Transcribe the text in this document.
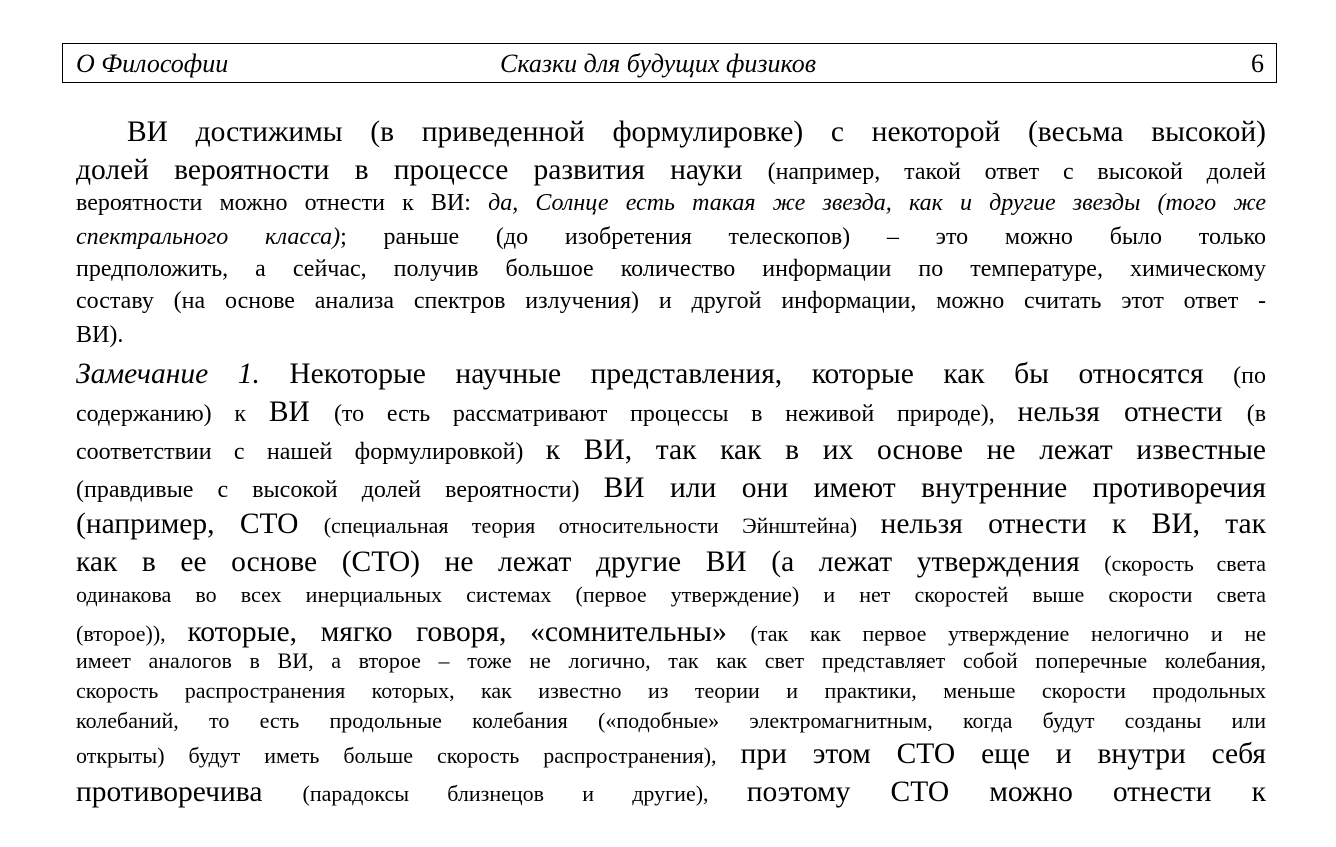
О Философии	Сказки для будущих физиков	6
ВИ достижимы (в приведенной формулировке) с некоторой (весьма высокой)
долей вероятности в процессе развития науки (например, такой ответ с высокой долей
вероятности можно отнести к ВИ: да, Солнце есть такая же звезда, как и другие звезды (того же
спектрального класса); раньше (до изобретения телескопов) – это можно было только
предположить, а сейчас, получив большое количество информации по температуре, химическому
составу (на основе анализа спектров излучения) и другой информации, можно считать этот ответ -
ВИ).
Замечание 1. Некоторые научные представления, которые как бы относятся (по
содержанию) к ВИ (то есть рассматривают процессы в неживой природе), нельзя отнести (в
соответствии с нашей формулировкой) к ВИ, так как в их основе не лежат известные
(правдивые с высокой долей вероятности) ВИ или они имеют внутренние противоречия
(например, СТО (специальная теория относительности Эйнштейна) нельзя отнести к ВИ, так
как в ее основе (СТО) не лежат другие ВИ (а лежат утверждения (скорость света
одинакова во всех инерциальных системах (первое утверждение) и нет скоростей выше скорости света
(второе)), которые, мягко говоря, «сомнительны» (так как первое утверждение нелогично и не
имеет аналогов в ВИ, а второе – тоже не логично, так как свет представляет собой поперечные колебания,
скорость распространения которых, как известно из теории и практики, меньше скорости продольных
колебаний, то есть продольные колебания («подобные» электромагнитным, когда будут созданы или
открыты) будут иметь больше скорость распространения), при этом СТО еще и внутри себя
противоречива (парадоксы близнецов и другие), поэтому СТО можно отнести к
